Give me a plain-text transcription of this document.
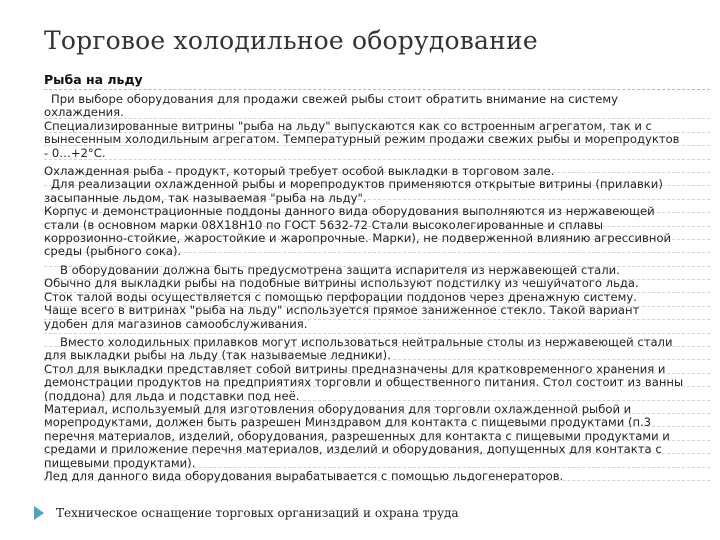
Торговое холодильное оборудование
Рыба на льду

При выборе оборудования для продажи свежей рыбы стоит обратить внимание на систему охлаждения.

Специализированные витрины "рыба на льду" выпускаются как со встроенным агрегатом, так и с вынесенным холодильным агрегатом. Температурный режим продажи свежих рыбы и морепродуктов - 0…+2°С.

Охлажденная рыба - продукт, который требует особой выкладки в торговом зале.

Для реализации охлажденной рыбы и морепродуктов применяются открытые витрины (прилавки) засыпанные льдом, так называемая "рыба на льду".

Корпус и демонстрационные поддоны данного вида оборудования выполняются из нержавеющей стали (в основном марки 08Х18Н10 по ГОСТ 5632-72 Стали высоколегированные и сплавы коррозионно-стойкие, жаростойкие и жаропрочные. Марки), не подверженной влиянию агрессивной среды (рыбного сока).

В оборудовании должна быть предусмотрена защита испарителя из нержавеющей стали.

Обычно для выкладки рыбы на подобные витрины используют подстилку из чешуйчатого льда.

Сток талой воды осуществляется с помощью перфорации поддонов через дренажную систему.

Чаще всего в витринах "рыба на льду" используется прямое заниженное стекло. Такой вариант удобен для магазинов самообслуживания.

Вместо холодильных прилавков могут использоваться нейтральные столы из нержавеющей стали для выкладки рыбы на льду (так называемые ледники).

Стол для выкладки представляет собой витрины предназначены для кратковременного хранения и демонстрации продуктов на предприятиях торговли и общественного питания. Стол состоит из ванны (поддона) для льда и подставки под неё.

Материал, используемый для изготовления оборудования для торговли охлажденной рыбой и морепродуктами, должен быть разрешен Минздравом для контакта с пищевыми продуктами (п.3 перечня материалов, изделий, оборудования, разрешенных для контакта с пищевыми продуктами и средами и приложение перечня материалов, изделий и оборудования, допущенных для контакта с пищевыми продуктами).

Лед для данного вида оборудования вырабатывается с помощью льдогенераторов.

Техническое оснащение торговых организаций и охрана труда
